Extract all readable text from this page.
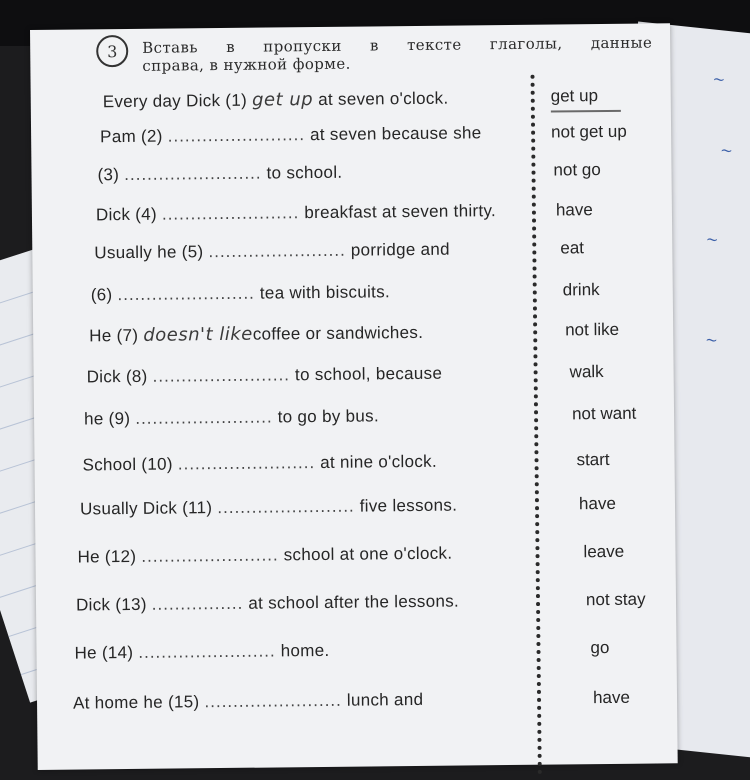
~
~
~
~
3	Вставь в пропуски в тексте глаголы, данные
справа, в нужной форме.
Every day Dick (1) get up at seven o'clock.	get up
Pam (2) ........................ at seven because she	not get up
(3) ........................ to school.	not go
Dick (4) ........................ breakfast at seven thirty.	have
Usually he (5) ........................ porridge and	eat
(6) ........................ tea with biscuits.	drink
He (7) doesn't likecoffee or sandwiches.	not like
Dick (8) ........................ to school, because	walk
he (9) ........................ to go by bus.	not want
School (10) ........................ at nine o'clock.	start
Usually Dick (11) ........................ five lessons.	have
He (12) ........................ school at one o'clock.	leave
Dick (13) ................ at school after the lessons.	not stay
He (14) ........................ home.	go
At home he (15) ........................ lunch and	have
